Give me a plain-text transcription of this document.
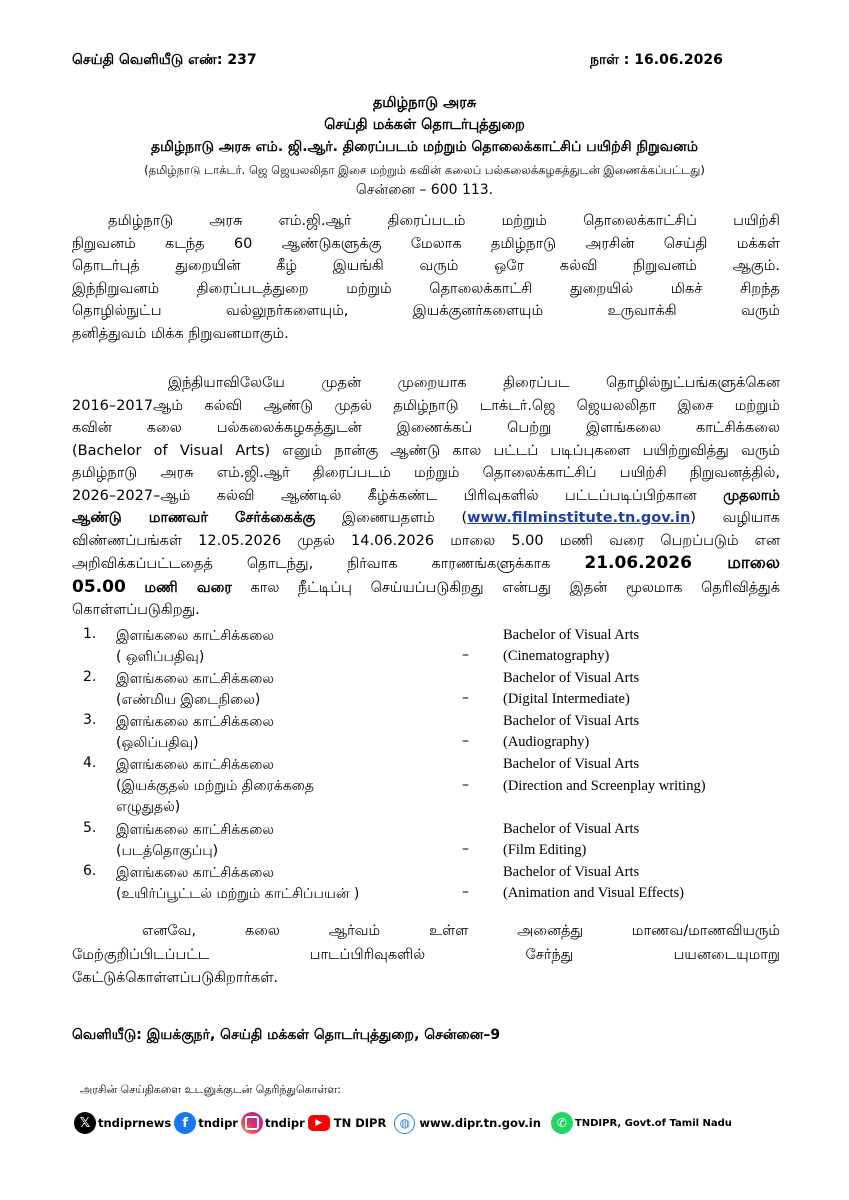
செய்தி வெளியீடு எண்: 237	நாள் : 16.06.2026
தமிழ்நாடு அரசு
செய்தி மக்கள் தொடர்புத்துறை
தமிழ்நாடு அரசு எம். ஜி.ஆர். திரைப்படம் மற்றும் தொலைக்காட்சிப் பயிற்சி நிறுவனம்
(தமிழ்நாடு டாக்டர். ஜெ ஜெயலலிதா இசை மற்றும் கவின் கலைப் பல்கலைக்கழகத்துடன் இணைக்கப்பட்டது)
சென்னை – 600 113.
தமிழ்நாடு அரசு எம்.ஜி.ஆர் திரைப்படம் மற்றும் தொலைக்காட்சிப் பயிற்சி
நிறுவனம் கடந்த 60 ஆண்டுகளுக்கு மேலாக தமிழ்நாடு அரசின் செய்தி மக்கள்
தொடர்புத் துறையின் கீழ் இயங்கி வரும் ஒரே கல்வி நிறுவனம் ஆகும்.
இந்நிறுவனம் திரைப்படத்துறை மற்றும் தொலைக்காட்சி துறையில் மிகச் சிறந்த
தொழில்நுட்ப வல்லுநர்களையும், இயக்குனர்களையும் உருவாக்கி வரும்
தனித்துவம் மிக்க நிறுவனமாகும்.
இந்தியாவிலேயே முதன் முறையாக திரைப்பட தொழில்நுட்பங்களுக்கென
2016–2017ஆம் கல்வி ஆண்டு முதல் தமிழ்நாடு டாக்டர்.ஜெ ஜெயலலிதா இசை மற்றும்
கவின் கலை பல்கலைக்கழகத்துடன் இணைக்கப் பெற்று இளங்கலை காட்சிக்கலை
(Bachelor of Visual Arts) எனும் நான்கு ஆண்டு கால பட்டப் படிப்புகளை பயிற்றுவித்து வரும்
தமிழ்நாடு அரசு எம்.ஜி.ஆர் திரைப்படம் மற்றும் தொலைக்காட்சிப் பயிற்சி நிறுவனத்தில்,
2026–2027–ஆம் கல்வி ஆண்டில் கீழ்க்கண்ட பிரிவுகளில் பட்டப்படிப்பிற்கான முதலாம்
ஆண்டு மாணவர் சேர்க்கைக்கு இணையதளம் (www.filminstitute.tn.gov.in) வழியாக
விண்ணப்பங்கள் 12.05.2026 முதல் 14.06.2026 மாலை 5.00 மணி வரை பெறப்படும் என
அறிவிக்கப்பட்டதைத் தொடந்து, நிர்வாக காரணங்களுக்காக 21.06.2026 மாலை
05.00 மணி வரை கால நீட்டிப்பு செய்யப்படுகிறது என்பது இதன் மூலமாக தெரிவித்துக்
கொள்ளப்படுகிறது.
1. இளங்கலை காட்சிக்கலை
( ஒளிப்பதிவு)	–
Bachelor of Visual Arts
(Cinematography)
2. இளங்கலை காட்சிக்கலை
(எண்மிய இடைநிலை)	–
Bachelor of Visual Arts
(Digital Intermediate)
3. இளங்கலை காட்சிக்கலை
(ஒலிப்பதிவு)	–
Bachelor of Visual Arts
(Audiography)
4. இளங்கலை காட்சிக்கலை
(இயக்குதல் மற்றும் திரைக்கதை
எழுதுதல்)
–
Bachelor of Visual Arts
(Direction and Screenplay writing)
5. இளங்கலை காட்சிக்கலை
(படத்தொகுப்பு)	–
Bachelor of Visual Arts
(Film Editing)
6. இளங்கலை காட்சிக்கலை
(உயிர்ப்பூட்டல் மற்றும் காட்சிப்பயன் )	–
Bachelor of Visual Arts
(Animation and Visual Effects)
எனவே, கலை ஆர்வம் உள்ள அனைத்து மாணவ/மாணவியரும்
மேற்குறிப்பிடப்பட்ட பாடப்பிரிவுகளில் சேர்ந்து பயனடையுமாறு
கேட்டுக்கொள்ளப்படுகிறார்கள்.
வெளியீடு: இயக்குநர், செய்தி மக்கள் தொடர்புத்துறை, சென்னை–9
அரசின் செய்திகளை உடனுக்குடன் தெரிந்துகொள்ள:
𝕏 tndiprnews f tndipr tndipr	▶	TN DIPR	◍ www.dipr.tn.gov.in	✆ TNDIPR, Govt.of Tamil Nadu
